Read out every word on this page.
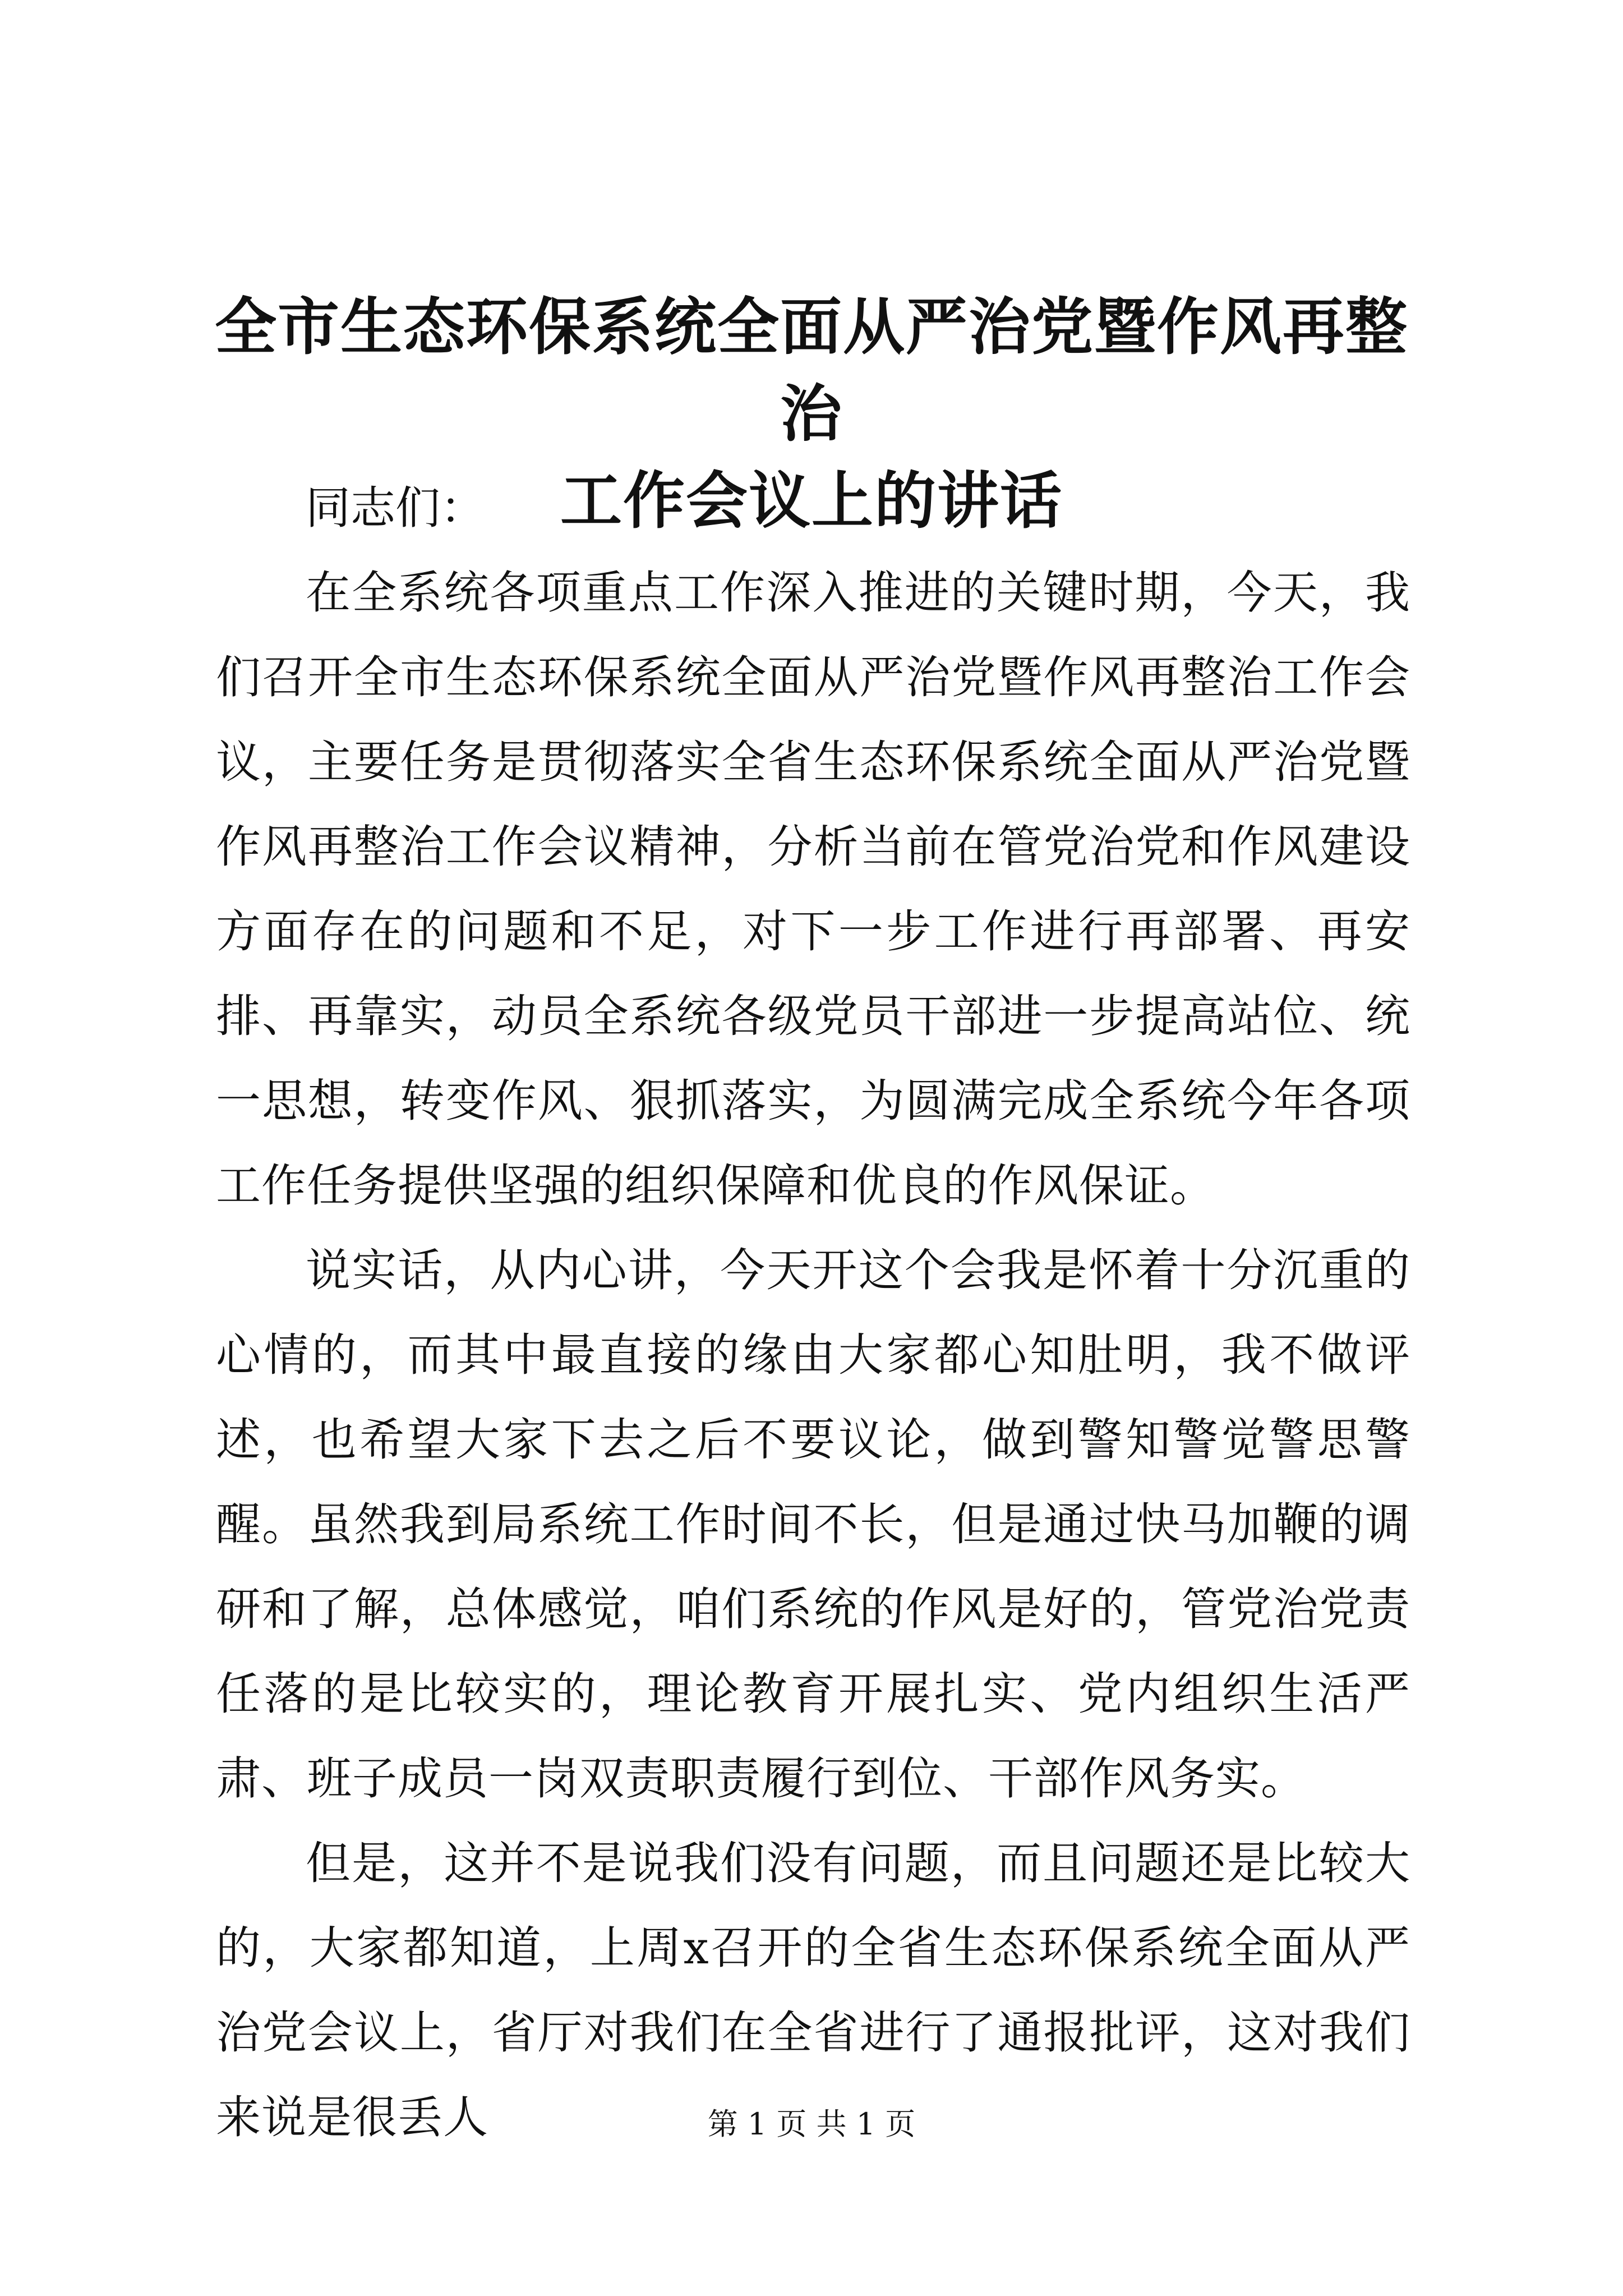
全市生态环保系统全面从严治党暨作风再整治
工作会议上的讲话

同志们：

在全系统各项重点工作深入推进的关键时期，今天，我们召开全市生态环保系统全面从严治党暨作风再整治工作会议，主要任务是贯彻落实全省生态环保系统全面从严治党暨作风再整治工作会议精神，分析当前在管党治党和作风建设方面存在的问题和不足，对下一步工作进行再部署、再安排、再靠实，动员全系统各级党员干部进一步提高站位、统一思想，转变作风、狠抓落实，为圆满完成全系统今年各项工作任务提供坚强的组织保障和优良的作风保证。

说实话，从内心讲，今天开这个会我是怀着十分沉重的心情的，而其中最直接的缘由大家都心知肚明，我不做评述，也希望大家下去之后不要议论，做到警知警觉警思警醒。虽然我到局系统工作时间不长，但是通过快马加鞭的调研和了解，总体感觉，咱们系统的作风是好的，管党治党责任落的是比较实的，理论教育开展扎实、党内组织生活严肃、班子成员一岗双责职责履行到位、干部作风务实。

但是，这并不是说我们没有问题，而且问题还是比较大的，大家都知道，上周x召开的全省生态环保系统全面从严治党会议上，省厅对我们在全省进行了通报批评，这对我们来说是很丢人	第 1 页 共 1 页
